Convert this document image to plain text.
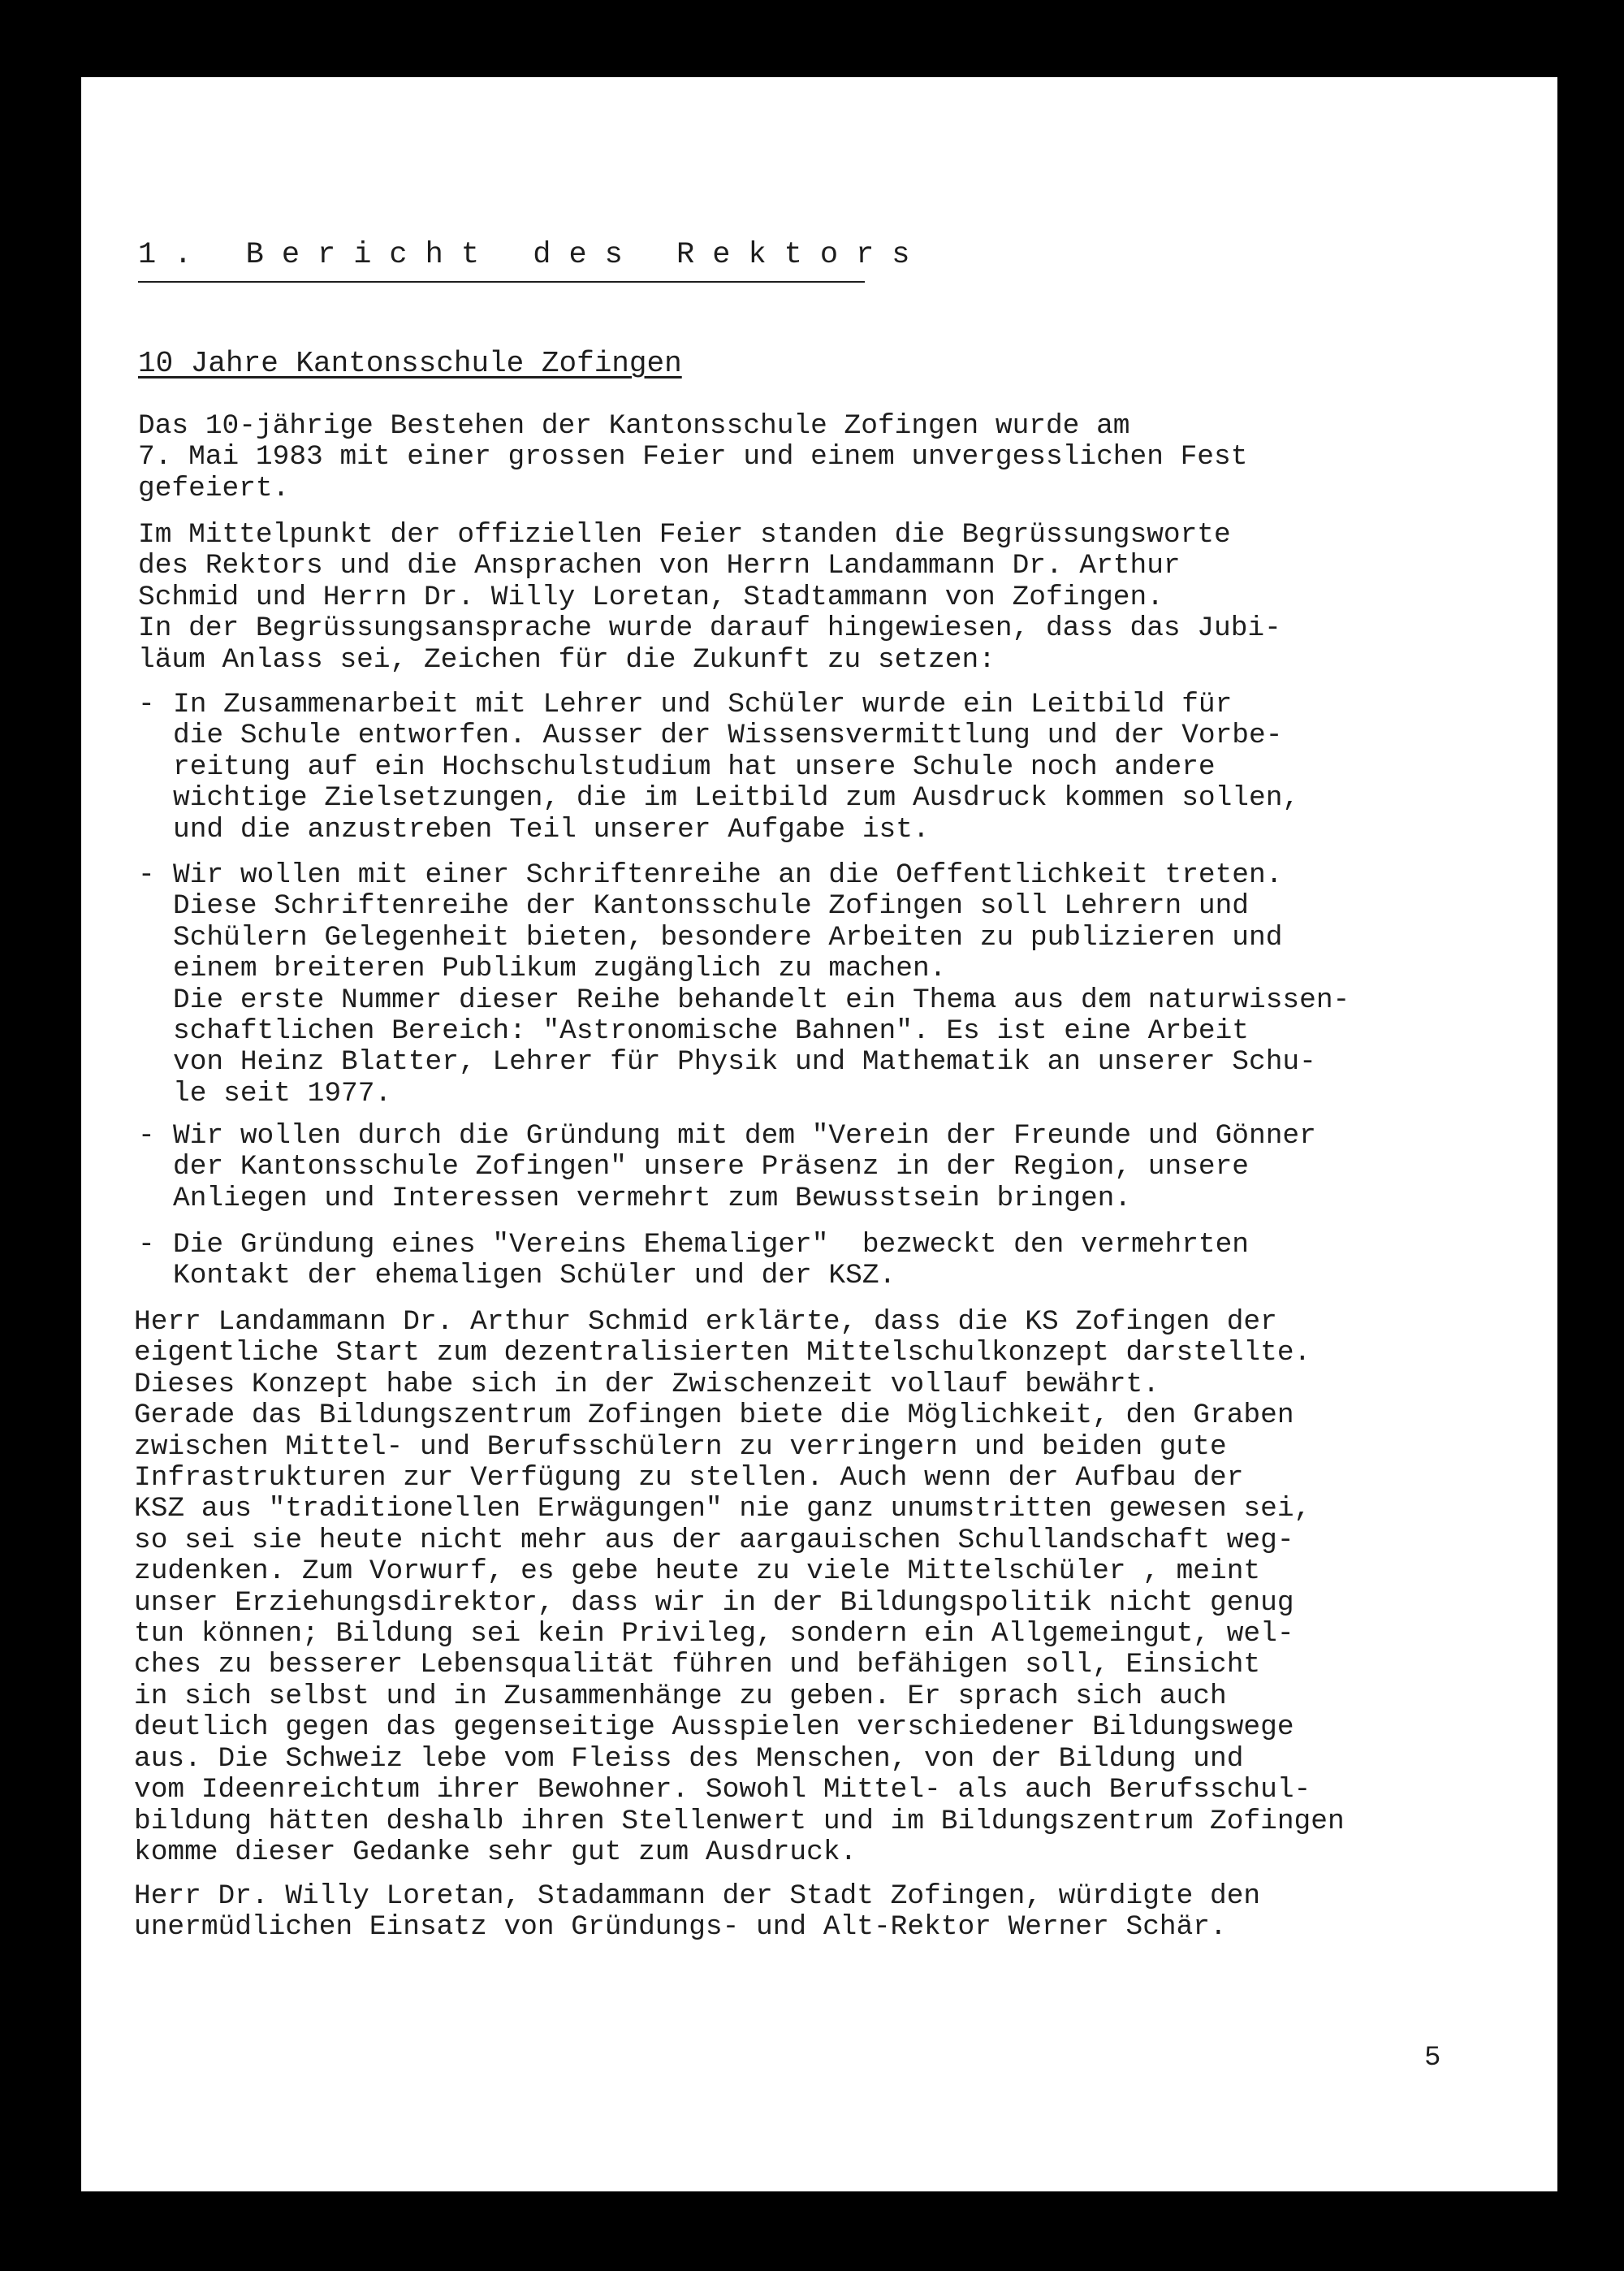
1. Bericht des Rektors
10 Jahre Kantonsschule Zofingen

Das 10-jährige Bestehen der Kantonsschule Zofingen wurde am
7. Mai 1983 mit einer grossen Feier und einem unvergesslichen Fest
gefeiert.

Im Mittelpunkt der offiziellen Feier standen die Begrüssungsworte
des Rektors und die Ansprachen von Herrn Landammann Dr. Arthur
Schmid und Herrn Dr. Willy Loretan, Stadtammann von Zofingen.
In der Begrüssungsansprache wurde darauf hingewiesen, dass das Jubi-
läum Anlass sei, Zeichen für die Zukunft zu setzen:

-

In Zusammenarbeit mit Lehrer und Schüler wurde ein Leitbild für
die Schule entworfen. Ausser der Wissensvermittlung und der Vorbe-
reitung auf ein Hochschulstudium hat unsere Schule noch andere
wichtige Zielsetzungen, die im Leitbild zum Ausdruck kommen sollen,
und die anzustreben Teil unserer Aufgabe ist.

-

Wir wollen mit einer Schriftenreihe an die Oeffentlichkeit treten.
Diese Schriftenreihe der Kantonsschule Zofingen soll Lehrern und
Schülern Gelegenheit bieten, besondere Arbeiten zu publizieren und
einem breiteren Publikum zugänglich zu machen.
Die erste Nummer dieser Reihe behandelt ein Thema aus dem naturwissen-
schaftlichen Bereich: "Astronomische Bahnen". Es ist eine Arbeit
von Heinz Blatter, Lehrer für Physik und Mathematik an unserer Schu-
le seit 1977.

-

Wir wollen durch die Gründung mit dem "Verein der Freunde und Gönner
der Kantonsschule Zofingen" unsere Präsenz in der Region, unsere
Anliegen und Interessen vermehrt zum Bewusstsein bringen.

-

Die Gründung eines "Vereins Ehemaliger"  bezweckt den vermehrten
Kontakt der ehemaligen Schüler und der KSZ.

Herr Landammann Dr. Arthur Schmid erklärte, dass die KS Zofingen der
eigentliche Start zum dezentralisierten Mittelschulkonzept darstellte.
Dieses Konzept habe sich in der Zwischenzeit vollauf bewährt.
Gerade das Bildungszentrum Zofingen biete die Möglichkeit, den Graben
zwischen Mittel- und Berufsschülern zu verringern und beiden gute
Infrastrukturen zur Verfügung zu stellen. Auch wenn der Aufbau der
KSZ aus "traditionellen Erwägungen" nie ganz unumstritten gewesen sei,
so sei sie heute nicht mehr aus der aargauischen Schullandschaft weg-
zudenken. Zum Vorwurf, es gebe heute zu viele Mittelschüler , meint
unser Erziehungsdirektor, dass wir in der Bildungspolitik nicht genug
tun können; Bildung sei kein Privileg, sondern ein Allgemeingut, wel-
ches zu besserer Lebensqualität führen und befähigen soll, Einsicht
in sich selbst und in Zusammenhänge zu geben. Er sprach sich auch
deutlich gegen das gegenseitige Ausspielen verschiedener Bildungswege
aus. Die Schweiz lebe vom Fleiss des Menschen, von der Bildung und
vom Ideenreichtum ihrer Bewohner. Sowohl Mittel- als auch Berufsschul-
bildung hätten deshalb ihren Stellenwert und im Bildungszentrum Zofingen
komme dieser Gedanke sehr gut zum Ausdruck.

Herr Dr. Willy Loretan, Stadammann der Stadt Zofingen, würdigte den
unermüdlichen Einsatz von Gründungs- und Alt-Rektor Werner Schär.

5
